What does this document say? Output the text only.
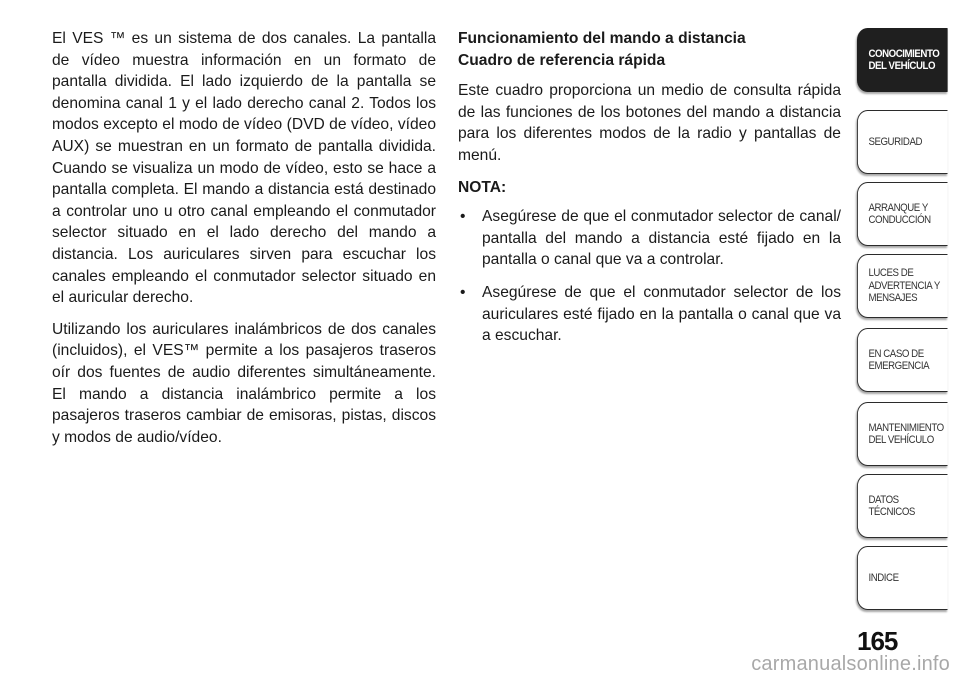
El VES ™ es un sistema de dos canales. La pantalla de vídeo muestra información en un formato de pantalla dividida. El lado izquierdo de la pantalla se denomina canal 1 y el lado derecho canal 2. Todos los modos excepto el modo de vídeo (DVD de vídeo, vídeo AUX) se muestran en un formato de pantalla dividida. Cuando se visualiza un modo de vídeo, esto se hace a pantalla completa. El mando a distancia está destinado a controlar uno u otro canal empleando el conmutador selector situado en el lado derecho del mando a distancia. Los auriculares sirven para escuchar los canales empleando el conmutador selector situado en el auricular derecho.

Utilizando los auriculares inalámbricos de dos canales (incluidos), el VES™ permite a los pasajeros traseros oír dos fuentes de audio diferentes simultáneamente. El mando a distancia inalámbrico permite a los pasajeros traseros cambiar de emisoras, pistas, discos y modos de audio/vídeo.

Funcionamiento del mando a distancia
Cuadro de referencia rápida

Este cuadro proporciona un medio de consulta rápida de las funciones de los botones del mando a distancia para los diferentes modos de la radio y pantallas de menú.

NOTA:
• Asegúrese de que el conmutador selector de canal/ pantalla del mando a distancia esté fijado en la pantalla o canal que va a controlar.
• Asegúrese de que el conmutador selector de los auriculares esté fijado en la pantalla o canal que va a escuchar.
CONOCIMIENTO
DEL VEHÍCULO
SEGURIDAD
ARRANQUE Y
CONDUCCIÓN
LUCES DE
ADVERTENCIA Y
MENSAJES
EN CASO DE
EMERGENCIA
MANTENIMIENTO
DEL VEHÍCULO
DATOS
TÉCNICOS
INDICE
165
carmanualsonline.info
